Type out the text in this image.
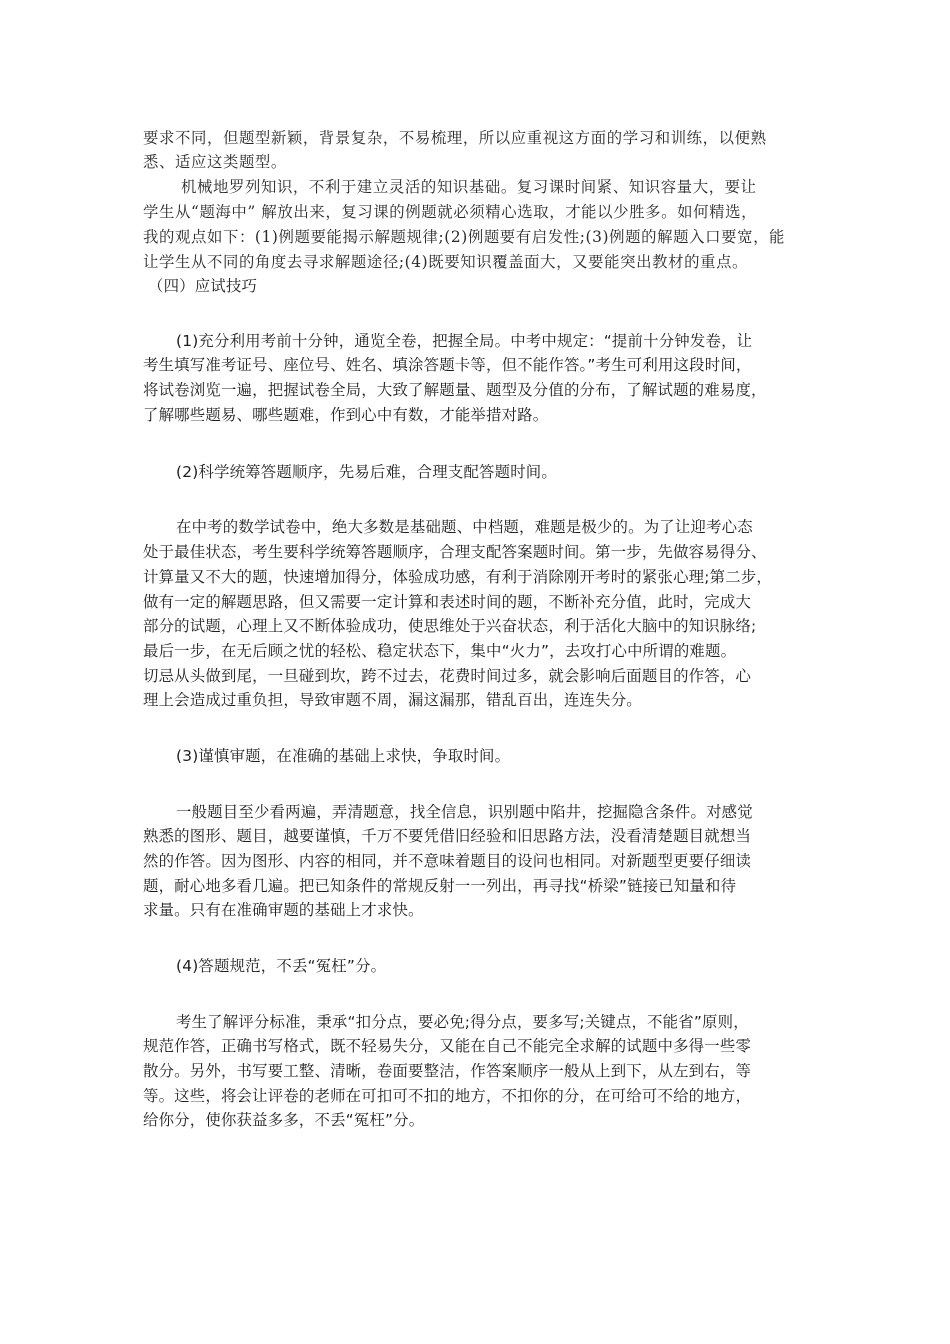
要求不同，但题型新颖，背景复杂，不易梳理，所以应重视这方面的学习和训练，以便熟

悉、适应这类题型。

机械地罗列知识，不利于建立灵活的知识基础。复习课时间紧、知识容量大，要让

学生从“题海中” 解放出来，复习课的例题就必须精心选取，才能以少胜多。如何精选，

我的观点如下：(1)例题要能揭示解题规律;(2)例题要有启发性;(3)例题的解题入口要宽，能

让学生从不同的角度去寻求解题途径;(4)既要知识覆盖面大，又要能突出教材的重点。

（四）应试技巧

(1)充分利用考前十分钟，通览全卷，把握全局。中考中规定：“提前十分钟发卷，让

考生填写准考证号、座位号、姓名、填涂答题卡等，但不能作答。”考生可利用这段时间，

将试卷浏览一遍，把握试卷全局，大致了解题量、题型及分值的分布，了解试题的难易度，

了解哪些题易、哪些题难，作到心中有数，才能举措对路。

(2)科学统筹答题顺序，先易后难，合理支配答题时间。

在中考的数学试卷中，绝大多数是基础题、中档题，难题是极少的。为了让迎考心态

处于最佳状态，考生要科学统筹答题顺序，合理支配答案题时间。第一步，先做容易得分、

计算量又不大的题，快速增加得分，体验成功感，有利于消除刚开考时的紧张心理;第二步，

做有一定的解题思路，但又需要一定计算和表述时间的题，不断补充分值，此时，完成大

部分的试题，心理上又不断体验成功，使思维处于兴奋状态，利于活化大脑中的知识脉络;

最后一步，在无后顾之忧的轻松、稳定状态下，集中“火力”，去攻打心中所谓的难题。

切忌从头做到尾，一旦碰到坎，跨不过去，花费时间过多，就会影响后面题目的作答，心

理上会造成过重负担，导致审题不周，漏这漏那，错乱百出，连连失分。

(3)谨慎审题，在准确的基础上求快，争取时间。

一般题目至少看两遍，弄清题意，找全信息，识别题中陷井，挖掘隐含条件。对感觉

熟悉的图形、题目，越要谨慎，千万不要凭借旧经验和旧思路方法，没看清楚题目就想当

然的作答。因为图形、内容的相同，并不意味着题目的设问也相同。对新题型更要仔细读

题，耐心地多看几遍。把已知条件的常规反射一一列出，再寻找“桥梁”链接已知量和待

求量。只有在准确审题的基础上才求快。

(4)答题规范，不丢“冤枉”分。

考生了解评分标准，秉承“扣分点，要必免;得分点，要多写;关键点，不能省”原则，

规范作答，正确书写格式，既不轻易失分，又能在自己不能完全求解的试题中多得一些零

散分。另外，书写要工整、清晰，卷面要整洁，作答案顺序一般从上到下，从左到右，等

等。这些，将会让评卷的老师在可扣可不扣的地方，不扣你的分，在可给可不给的地方，

给你分，使你获益多多，不丢“冤枉”分。
